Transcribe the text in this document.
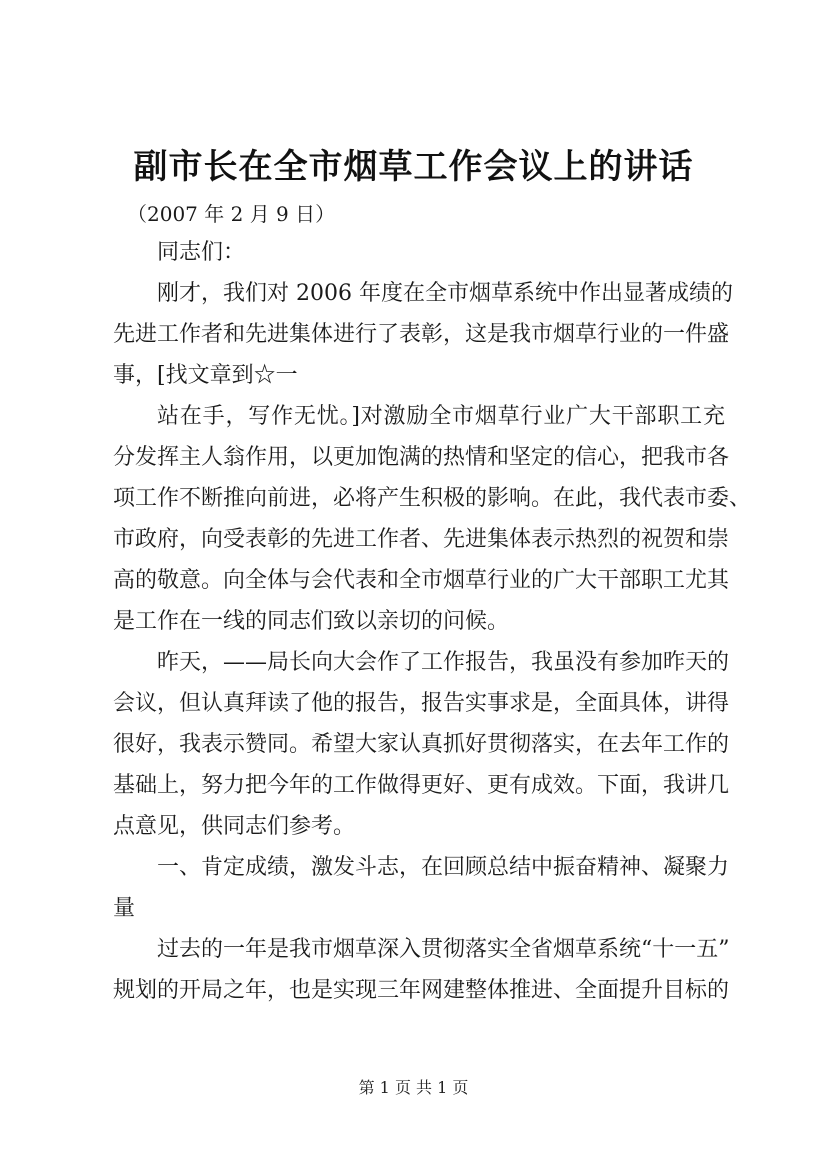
副市长在全市烟草工作会议上的讲话
（2007 年 2 月 9 日）
同志们：
刚才，我们对 2006 年度在全市烟草系统中作出显著成绩的
先进工作者和先进集体进行了表彰，这是我市烟草行业的一件盛
事，[找文章到☆一
站在手，写作无忧。]对激励全市烟草行业广大干部职工充
分发挥主人翁作用，以更加饱满的热情和坚定的信心，把我市各
项工作不断推向前进，必将产生积极的影响。在此，我代表市委、
市政府，向受表彰的先进工作者、先进集体表示热烈的祝贺和崇
高的敬意。向全体与会代表和全市烟草行业的广大干部职工尤其
是工作在一线的同志们致以亲切的问候。
昨天，——局长向大会作了工作报告，我虽没有参加昨天的
会议，但认真拜读了他的报告，报告实事求是，全面具体，讲得
很好，我表示赞同。希望大家认真抓好贯彻落实，在去年工作的
基础上，努力把今年的工作做得更好、更有成效。下面，我讲几
点意见，供同志们参考。
一、肯定成绩，激发斗志，在回顾总结中振奋精神、凝聚力
量
过去的一年是我市烟草深入贯彻落实全省烟草系统“十一五”
规划的开局之年，也是实现三年网建整体推进、全面提升目标的
第 1 页 共 1 页
